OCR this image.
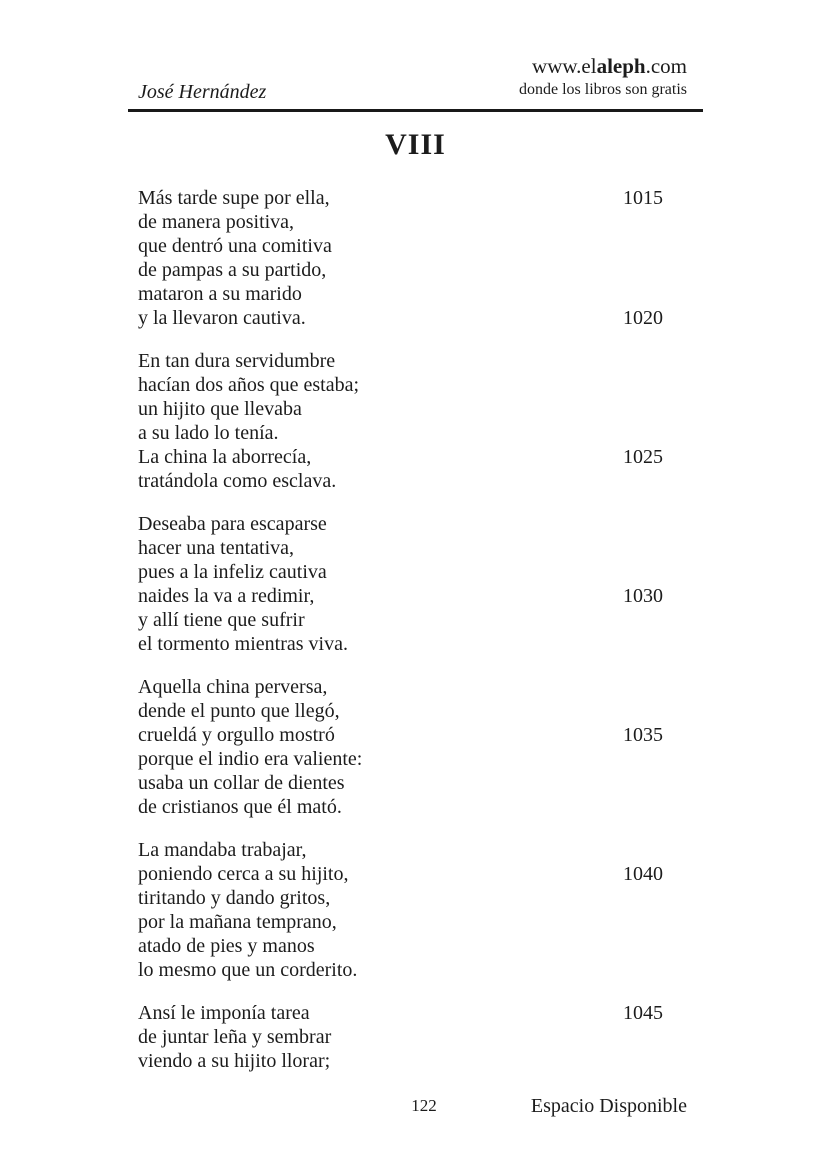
José Hernández
www.elaleph.com
donde los libros son gratis
VIII
Más tarde supe por ella,	1015
de manera positiva,
que dentró una comitiva
de pampas a su partido,
mataron a su marido
y la llevaron cautiva.	1020
En tan dura servidumbre
hacían dos años que estaba;
un hijito que llevaba
a su lado lo tenía.
La china la aborrecía,	1025
tratándola como esclava.
Deseaba para escaparse
hacer una tentativa,
pues a la infeliz cautiva
naides la va a redimir,	1030
y allí tiene que sufrir
el tormento mientras viva.
Aquella china perversa,
dende el punto que llegó,
crueldá y orgullo mostró	1035
porque el indio era valiente:
usaba un collar de dientes
de cristianos que él mató.
La mandaba trabajar,
poniendo cerca a su hijito,	1040
tiritando y dando gritos,
por la mañana temprano,
atado de pies y manos
lo mesmo que un corderito.
Ansí le imponía tarea	1045
de juntar leña y sembrar
viendo a su hijito llorar;
122	Espacio Disponible
